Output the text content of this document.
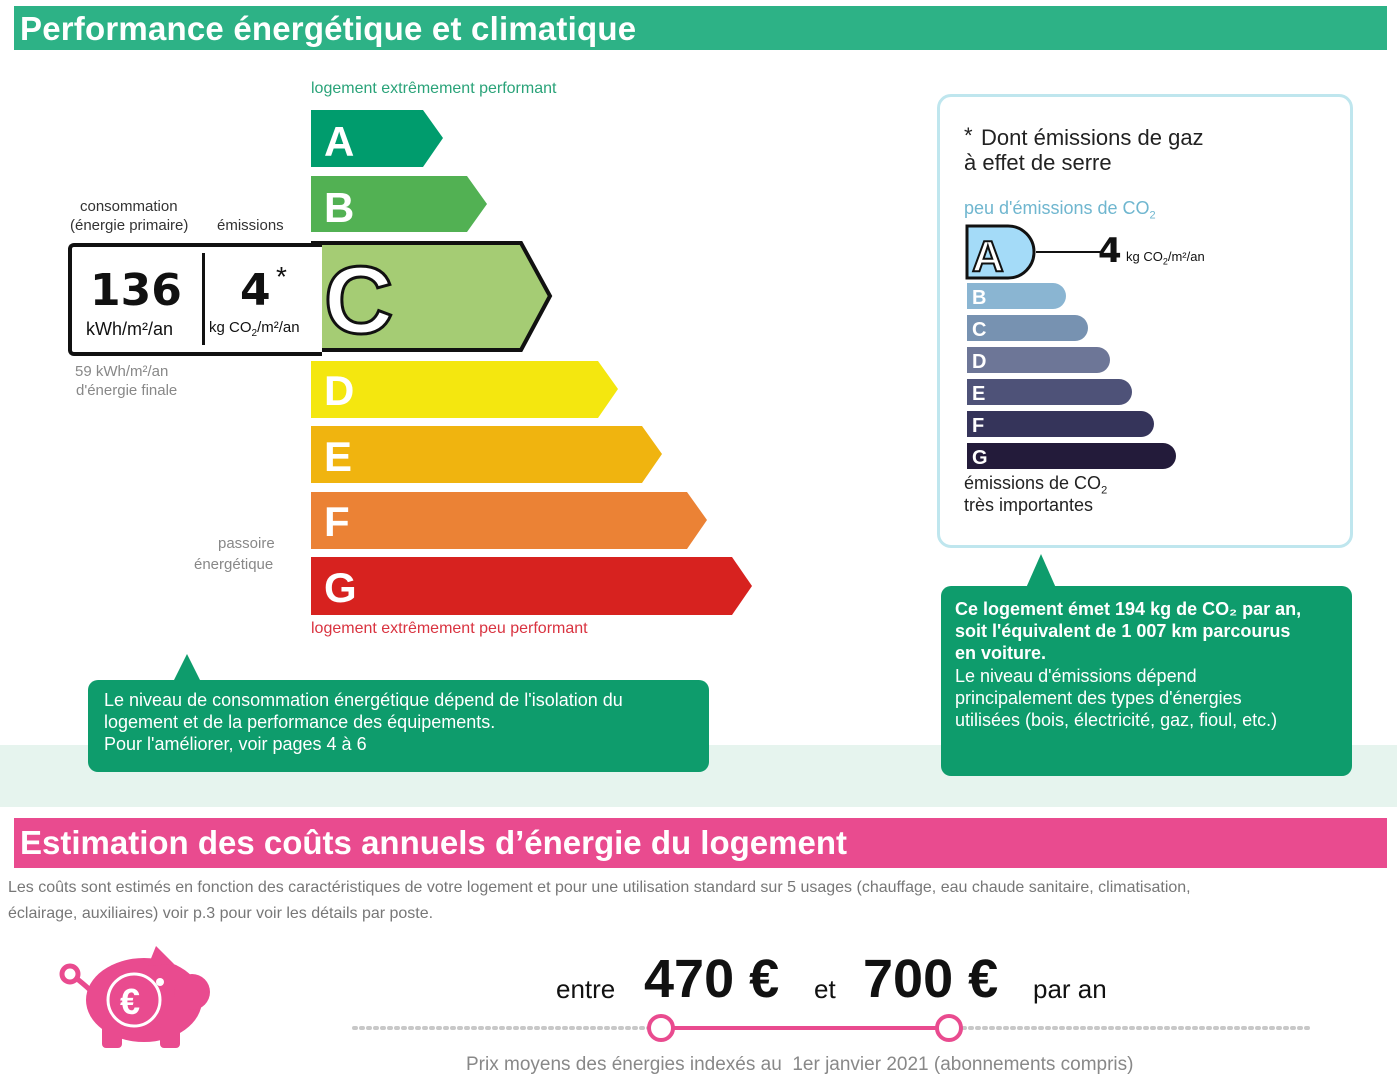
Performance énergétique et climatique
logement extrêmement performant
A
B
C
D
E
F
G
logement extrêmement peu performant
consommation
(énergie primaire) émissions
136
kWh/m²/an
4 *
kg $CO_2/m^2/an$
59 kWh/m²/an
d'énergie finale
passoire
énergétique
Le niveau de consommation énergétique dépend de l'isolation du
logement et de la performance des équipements.
Pour l'améliorer, voir pages 4 à 6
* Dont émissions de gaz
à effet de serre
peu d'émissions de $CO_2$
A
B
C
D
E
F
G
4 kg $CO_2/m^2/an$
émissions de $CO_2$
très importantes
Ce logement émet 194 kg de CO₂ par an,
soit l'équivalent de 1 007 km parcourus
en voiture.
Le niveau d'émissions dépend
principalement des types d'énergies
utilisées (bois, électricité, gaz, fioul, etc.)
Estimation des coûts annuels d’énergie du logement
Les coûts sont estimés en fonction des caractéristiques de votre logement et pour une utilisation standard sur 5 usages (chauffage, eau chaude sanitaire, climatisation,
éclairage, auxiliaires) voir p.3 pour voir les détails par poste.
€	entre 470 € et 700 € par an
Prix moyens des énergies indexés au  1er janvier 2021 (abonnements compris)
